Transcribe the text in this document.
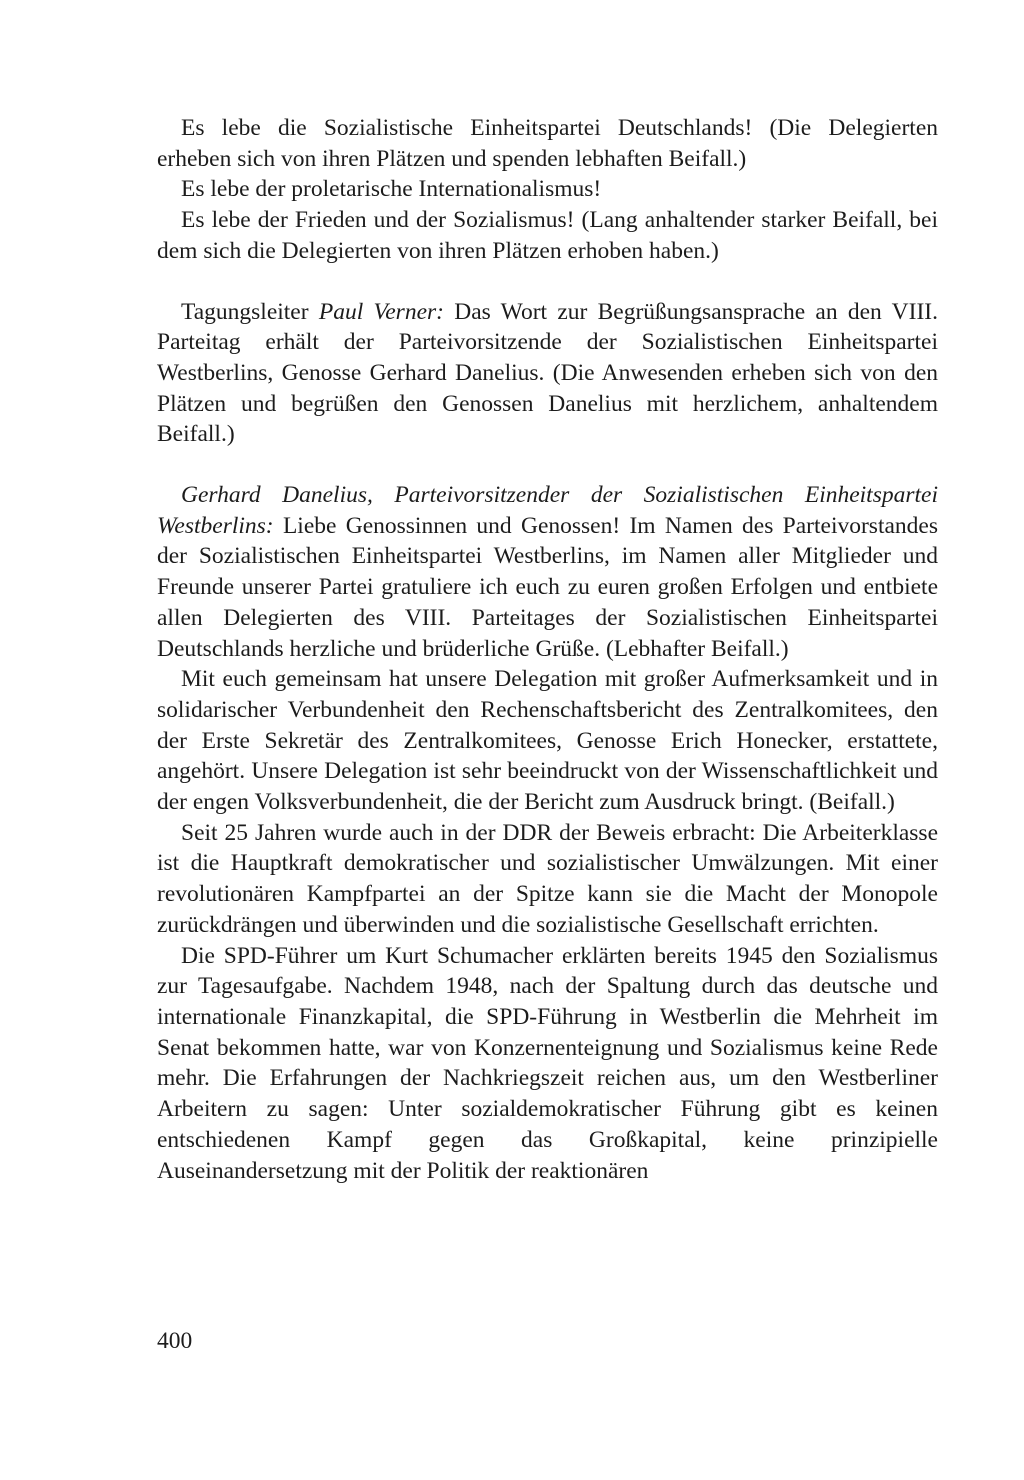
Es lebe die Sozialistische Einheitspartei Deutschlands! (Die Delegierten erheben sich von ihren Plätzen und spenden lebhaften Beifall.)

Es lebe der proletarische Internationalismus!

Es lebe der Frieden und der Sozialismus! (Lang anhaltender starker Beifall, bei dem sich die Delegierten von ihren Plätzen erhoben haben.)

Tagungsleiter Paul Verner: Das Wort zur Begrüßungsansprache an den VIII. Parteitag erhält der Parteivorsitzende der Sozialistischen Einheitspartei Westberlins, Genosse Gerhard Danelius. (Die Anwesenden erheben sich von den Plätzen und begrüßen den Genossen Danelius mit herzlichem, anhaltendem Beifall.)

Gerhard Danelius, Parteivorsitzender der Sozialistischen Einheitspartei Westberlins: Liebe Genossinnen und Genossen! Im Namen des Parteivorstandes der Sozialistischen Einheitspartei Westberlins, im Namen aller Mitglieder und Freunde unserer Partei gratuliere ich euch zu euren großen Erfolgen und entbiete allen Delegierten des VIII. Parteitages der Sozialistischen Einheitspartei Deutschlands herzliche und brüderliche Grüße. (Lebhafter Beifall.)

Mit euch gemeinsam hat unsere Delegation mit großer Aufmerksamkeit und in solidarischer Verbundenheit den Rechenschaftsbericht des Zentralkomitees, den der Erste Sekretär des Zentralkomitees, Genosse Erich Honecker, erstattete, angehört. Unsere Delegation ist sehr beeindruckt von der Wissenschaftlichkeit und der engen Volksverbundenheit, die der Bericht zum Ausdruck bringt. (Beifall.)

Seit 25 Jahren wurde auch in der DDR der Beweis erbracht: Die Arbeiterklasse ist die Hauptkraft demokratischer und sozialistischer Umwälzungen. Mit einer revolutionären Kampfpartei an der Spitze kann sie die Macht der Monopole zurückdrängen und überwinden und die sozialistische Gesellschaft errichten.

Die SPD-Führer um Kurt Schumacher erklärten bereits 1945 den Sozialismus zur Tagesaufgabe. Nachdem 1948, nach der Spaltung durch das deutsche und internationale Finanzkapital, die SPD-Führung in Westberlin die Mehrheit im Senat bekommen hatte, war von Konzernenteignung und Sozialismus keine Rede mehr. Die Erfahrungen der Nachkriegszeit reichen aus, um den Westberliner Arbeitern zu sagen: Unter sozialdemokratischer Führung gibt es keinen entschiedenen Kampf gegen das Großkapital, keine prinzipielle Auseinandersetzung mit der Politik der reaktionären

400
